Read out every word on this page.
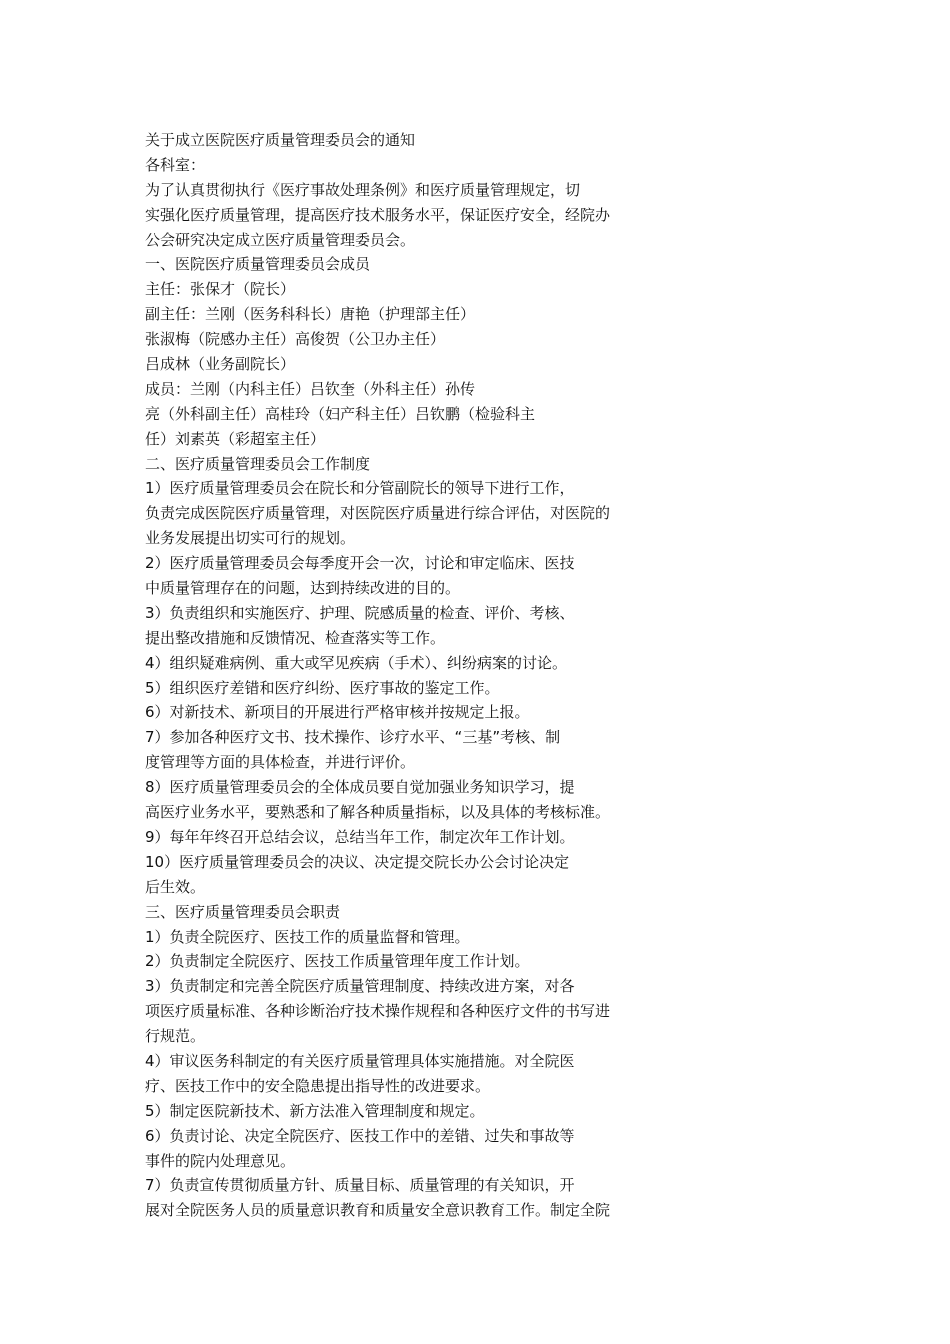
关于成立医院医疗质量管理委员会的通知
各科室：
为了认真贯彻执行《医疗事故处理条例》和医疗质量管理规定，切
实强化医疗质量管理，提高医疗技术服务水平，保证医疗安全，经院办
公会研究决定成立医疗质量管理委员会。
一、医院医疗质量管理委员会成员
主任：张保才（院长）
副主任：兰刚（医务科科长）唐艳（护理部主任）
张淑梅（院感办主任）高俊贺（公卫办主任）
吕成林（业务副院长）
成员：兰刚（内科主任）吕钦奎（外科主任）孙传
亮（外科副主任）高桂玲（妇产科主任）吕钦鹏（检验科主
任）刘素英（彩超室主任）
二、医疗质量管理委员会工作制度
1）医疗质量管理委员会在院长和分管副院长的领导下进行工作，
负责完成医院医疗质量管理，对医院医疗质量进行综合评估，对医院的
业务发展提出切实可行的规划。
2）医疗质量管理委员会每季度开会一次，讨论和审定临床、医技
中质量管理存在的问题，达到持续改进的目的。
3）负责组织和实施医疗、护理、院感质量的检查、评价、考核、
提出整改措施和反馈情况、检查落实等工作。
4）组织疑难病例、重大或罕见疾病（手术）、纠纷病案的讨论。
5）组织医疗差错和医疗纠纷、医疗事故的鉴定工作。
6）对新技术、新项目的开展进行严格审核并按规定上报。
7）参加各种医疗文书、技术操作、诊疗水平、“三基”考核、制
度管理等方面的具体检查，并进行评价。
8）医疗质量管理委员会的全体成员要自觉加强业务知识学习，提
高医疗业务水平，要熟悉和了解各种质量指标，以及具体的考核标准。
9）每年年终召开总结会议，总结当年工作，制定次年工作计划。
10）医疗质量管理委员会的决议、决定提交院长办公会讨论决定
后生效。
三、医疗质量管理委员会职责
1）负责全院医疗、医技工作的质量监督和管理。
2）负责制定全院医疗、医技工作质量管理年度工作计划。
3）负责制定和完善全院医疗质量管理制度、持续改进方案，对各
项医疗质量标准、各种诊断治疗技术操作规程和各种医疗文件的书写进
行规范。
4）审议医务科制定的有关医疗质量管理具体实施措施。对全院医
疗、医技工作中的安全隐患提出指导性的改进要求。
5）制定医院新技术、新方法准入管理制度和规定。
6）负责讨论、决定全院医疗、医技工作中的差错、过失和事故等
事件的院内处理意见。
7）负责宣传贯彻质量方针、质量目标、质量管理的有关知识，开
展对全院医务人员的质量意识教育和质量安全意识教育工作。制定全院
